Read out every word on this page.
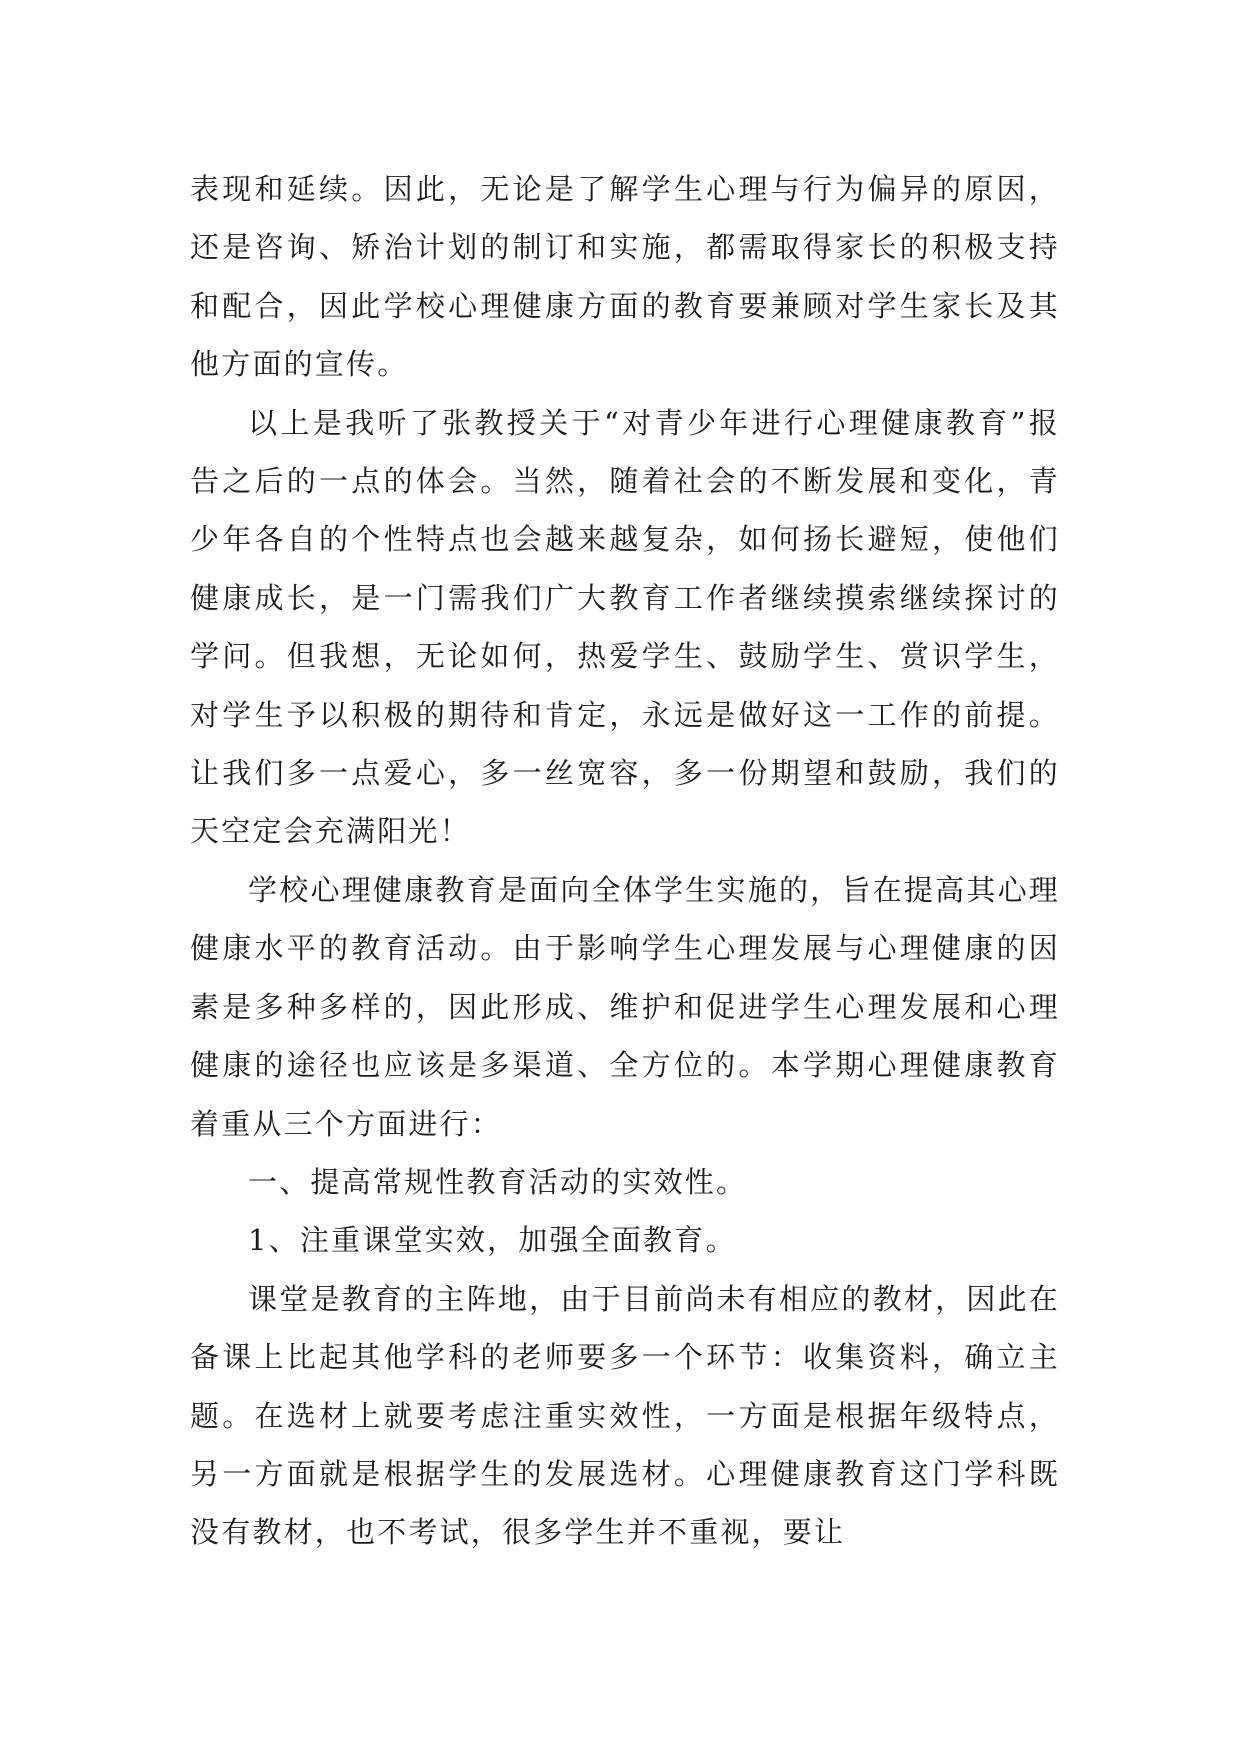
表现和延续。因此，无论是了解学生心理与行为偏异的原因，还是咨询、矫治计划的制订和实施，都需取得家长的积极支持和配合，因此学校心理健康方面的教育要兼顾对学生家长及其他方面的宣传。

以上是我听了张教授关于“对青少年进行心理健康教育”报告之后的一点的体会。当然，随着社会的不断发展和变化，青少年各自的个性特点也会越来越复杂，如何扬长避短，使他们健康成长，是一门需我们广大教育工作者继续摸索继续探讨的学问。但我想，无论如何，热爱学生、鼓励学生、赏识学生，对学生予以积极的期待和肯定，永远是做好这一工作的前提。让我们多一点爱心，多一丝宽容，多一份期望和鼓励，我们的天空定会充满阳光！

学校心理健康教育是面向全体学生实施的，旨在提高其心理健康水平的教育活动。由于影响学生心理发展与心理健康的因素是多种多样的，因此形成、维护和促进学生心理发展和心理健康的途径也应该是多渠道、全方位的。本学期心理健康教育着重从三个方面进行：

一、提高常规性教育活动的实效性。

1、注重课堂实效，加强全面教育。

课堂是教育的主阵地，由于目前尚未有相应的教材，因此在备课上比起其他学科的老师要多一个环节：收集资料，确立主题。在选材上就要考虑注重实效性，一方面是根据年级特点，另一方面就是根据学生的发展选材。心理健康教育这门学科既没有教材，也不考试，很多学生并不重视，要让
